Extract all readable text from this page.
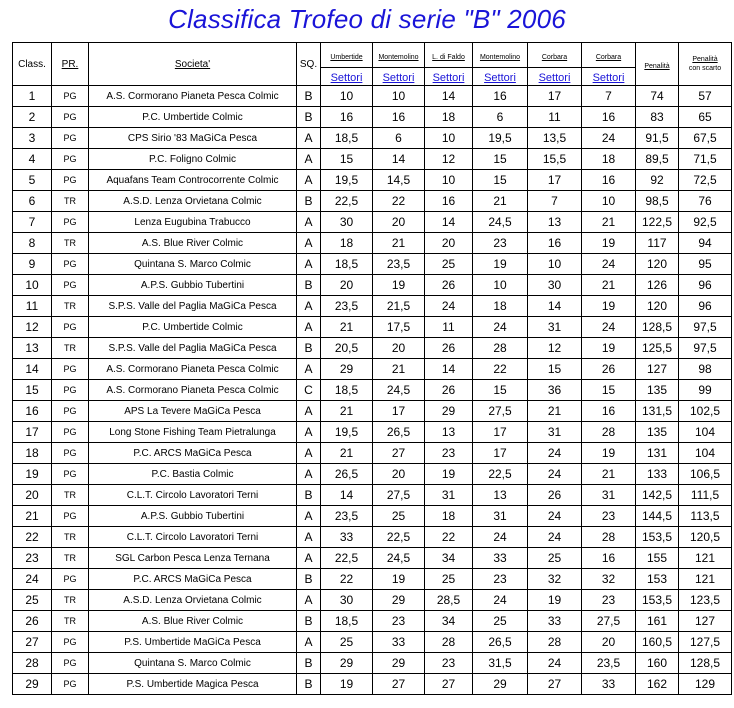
Classifica Trofeo di serie "B" 2006
Class.	PR.	Societa'	SQ.	Umbertide	Montemolino	L. di Faldo	Montemolino	Corbara	Corbara	Penalità	Penalità
con scarto

				Settori	Settori	Settori	Settori	Settori	Settori		
1	PG	A.S. Cormorano Pianeta Pesca Colmic	B	10	10	14	16	17	7	74	57
2	PG	P.C. Umbertide Colmic	B	16	16	18	6	11	16	83	65
3	PG	CPS Sirio '83 MaGiCa Pesca	A	18,5	6	10	19,5	13,5	24	91,5	67,5
4	PG	P.C. Foligno Colmic	A	15	14	12	15	15,5	18	89,5	71,5
5	PG	Aquafans Team Controcorrente Colmic	A	19,5	14,5	10	15	17	16	92	72,5
6	TR	A.S.D. Lenza Orvietana Colmic	B	22,5	22	16	21	7	10	98,5	76
7	PG	Lenza Eugubina Trabucco	A	30	20	14	24,5	13	21	122,5	92,5
8	TR	A.S. Blue River Colmic	A	18	21	20	23	16	19	117	94
9	PG	Quintana S. Marco Colmic	A	18,5	23,5	25	19	10	24	120	95
10	PG	A.P.S. Gubbio Tubertini	B	20	19	26	10	30	21	126	96
11	TR	S.P.S. Valle del Paglia MaGiCa Pesca	A	23,5	21,5	24	18	14	19	120	96
12	PG	P.C. Umbertide Colmic	A	21	17,5	11	24	31	24	128,5	97,5
13	TR	S.P.S. Valle del Paglia MaGiCa Pesca	B	20,5	20	26	28	12	19	125,5	97,5
14	PG	A.S. Cormorano Pianeta Pesca Colmic	A	29	21	14	22	15	26	127	98
15	PG	A.S. Cormorano Pianeta Pesca Colmic	C	18,5	24,5	26	15	36	15	135	99
16	PG	APS La Tevere MaGiCa Pesca	A	21	17	29	27,5	21	16	131,5	102,5
17	PG	Long Stone Fishing Team Pietralunga	A	19,5	26,5	13	17	31	28	135	104
18	PG	P.C. ARCS MaGiCa Pesca	A	21	27	23	17	24	19	131	104
19	PG	P.C. Bastia Colmic	A	26,5	20	19	22,5	24	21	133	106,5
20	TR	C.L.T. Circolo Lavoratori Terni	B	14	27,5	31	13	26	31	142,5	111,5
21	PG	A.P.S. Gubbio Tubertini	A	23,5	25	18	31	24	23	144,5	113,5
22	TR	C.L.T. Circolo Lavoratori Terni	A	33	22,5	22	24	24	28	153,5	120,5
23	TR	SGL Carbon Pesca Lenza Ternana	A	22,5	24,5	34	33	25	16	155	121
24	PG	P.C. ARCS MaGiCa Pesca	B	22	19	25	23	32	32	153	121
25	TR	A.S.D. Lenza Orvietana Colmic	A	30	29	28,5	24	19	23	153,5	123,5
26	TR	A.S. Blue River Colmic	B	18,5	23	34	25	33	27,5	161	127
27	PG	P.S. Umbertide MaGiCa Pesca	A	25	33	28	26,5	28	20	160,5	127,5
28	PG	Quintana S. Marco Colmic	B	29	29	23	31,5	24	23,5	160	128,5
29	PG	P.S. Umbertide Magica Pesca	B	19	27	27	29	27	33	162	129
